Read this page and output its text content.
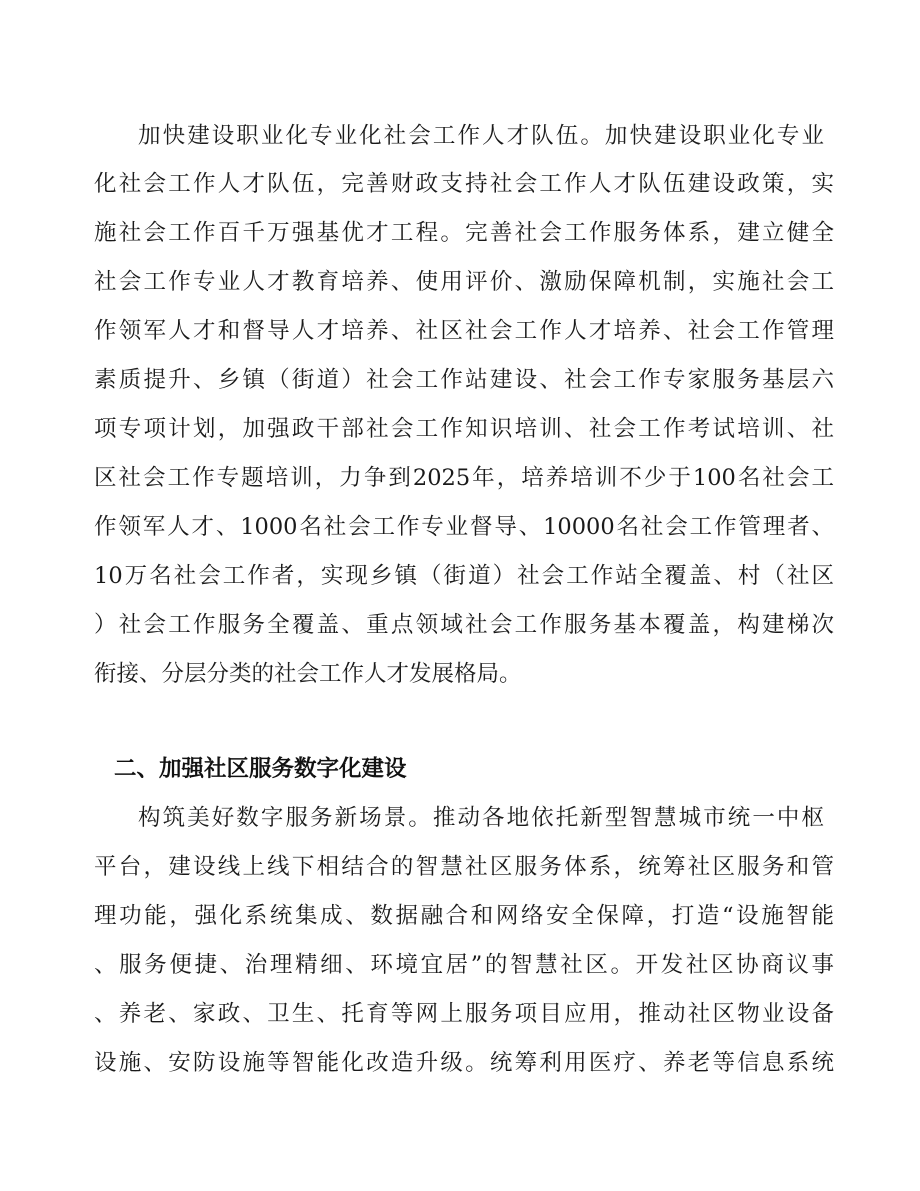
加快建设职业化专业化社会工作人才队伍。加快建设职业化专业
化社会工作人才队伍，完善财政支持社会工作人才队伍建设政策，实
施社会工作百千万强基优才工程。完善社会工作服务体系，建立健全
社会工作专业人才教育培养、使用评价、激励保障机制，实施社会工
作领军人才和督导人才培养、社区社会工作人才培养、社会工作管理
素质提升、乡镇（街道）社会工作站建设、社会工作专家服务基层六
项专项计划，加强政干部社会工作知识培训、社会工作考试培训、社
区社会工作专题培训，力争到2025年，培养培训不少于100名社会工
作领军人才、1000名社会工作专业督导、10000名社会工作管理者、
10万名社会工作者，实现乡镇（街道）社会工作站全覆盖、村（社区
）社会工作服务全覆盖、重点领域社会工作服务基本覆盖，构建梯次
衔接、分层分类的社会工作人才发展格局。
二、加强社区服务数字化建设
构筑美好数字服务新场景。推动各地依托新型智慧城市统一中枢
平台，建设线上线下相结合的智慧社区服务体系，统筹社区服务和管
理功能，强化系统集成、数据融合和网络安全保障，打造“设施智能
、服务便捷、治理精细、环境宜居”的智慧社区。开发社区协商议事
、养老、家政、卫生、托育等网上服务项目应用，推动社区物业设备
设施、安防设施等智能化改造升级。统筹利用医疗、养老等信息系统
